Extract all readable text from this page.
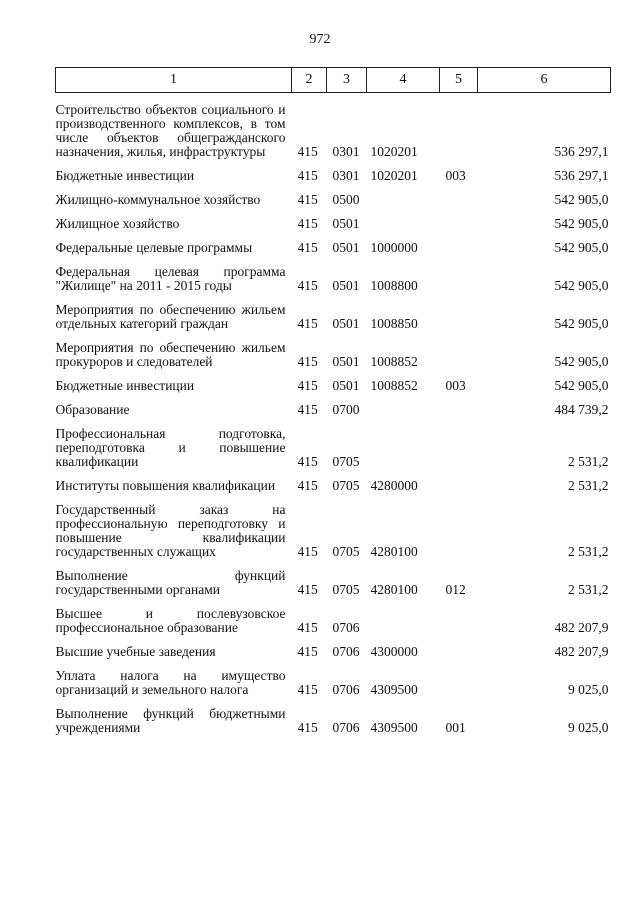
972
1	2	3	4	5	6

Строительство объектов социального и производственного комплексов, в том числе объектов общегражданского назначения, жилья, инфраструктуры	415	0301	1020201		536 297,1

Бюджетные инвестиции	415	0301	1020201	003	536 297,1

Жилищно-коммунальное хозяйство	415	0500			542 905,0

Жилищное хозяйство	415	0501			542 905,0

Федеральные целевые программы	415	0501	1000000		542 905,0

Федеральная целевая программа "Жилище" на 2011 - 2015 годы	415	0501	1008800		542 905,0

Мероприятия по обеспечению жильем отдельных категорий граждан	415	0501	1008850		542 905,0

Мероприятия по обеспечению жильем прокуроров и следователей	415	0501	1008852		542 905,0

Бюджетные инвестиции	415	0501	1008852	003	542 905,0

Образование	415	0700			484 739,2

Профессиональная подготовка, переподготовка и повышение квалификации	415	0705			2 531,2

Институты повышения квалификации	415	0705	4280000		2 531,2

Государственный заказ на профессиональную переподготовку и повышение квалификации государственных служащих	415	0705	4280100		2 531,2

Выполнение функций государственными органами	415	0705	4280100	012	2 531,2

Высшее и послевузовское профессиональное образование	415	0706			482 207,9

Высшие учебные заведения	415	0706	4300000		482 207,9

Уплата налога на имущество организаций и земельного налога	415	0706	4309500		9 025,0

Выполнение функций бюджетными учреждениями	415	0706	4309500	001	9 025,0
